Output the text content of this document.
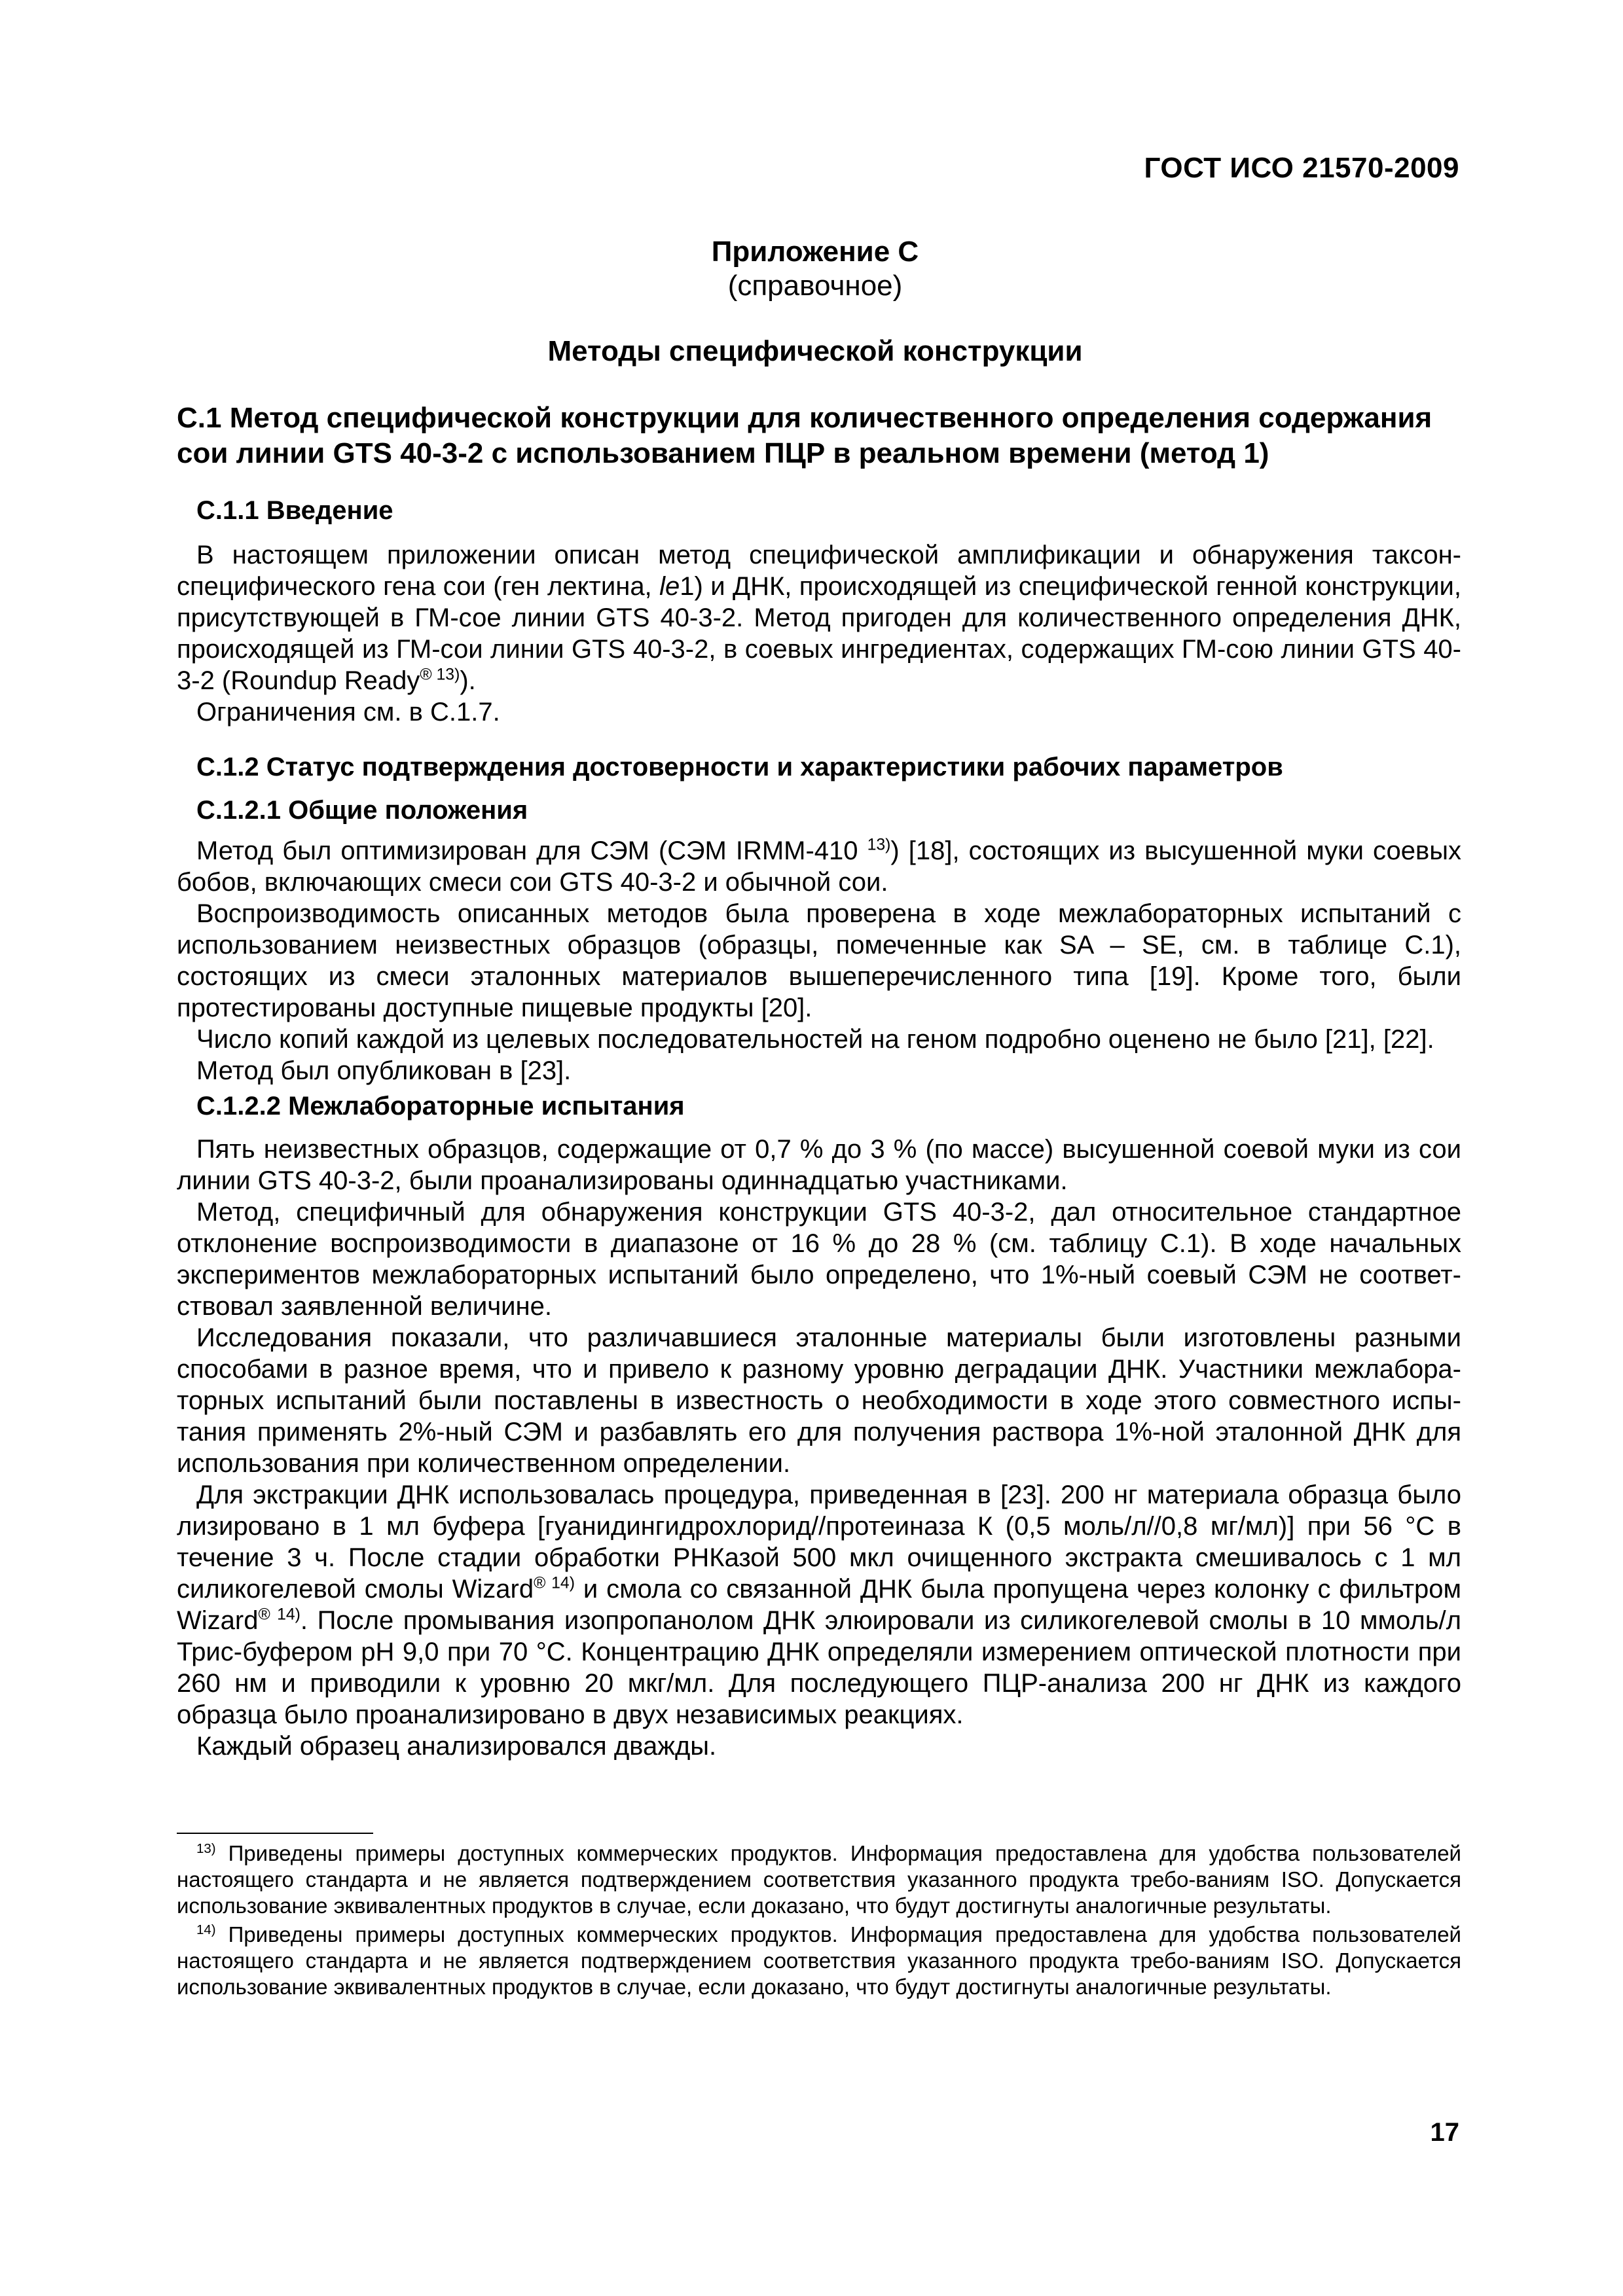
ГОСТ ИСО 21570-2009
Приложение С
(справочное)
Методы специфической конструкции
С.1 Метод специфической конструкции для количественного определения содержания сои линии GTS 40-3-2 с использованием ПЦР в реальном времени (метод 1)
С.1.1 Введение

В настоящем приложении описан метод специфической амплификации и обнаружения таксон-специфического гена сои (ген лектина, le1) и ДНК, происходящей из специфической генной конструкции, присутствующей в ГМ-сое линии GTS 40-3-2. Метод пригоден для количественного определения ДНК, происходящей из ГМ-сои линии GTS 40-3-2, в соевых ингредиентах, содержащих ГМ-сою линии GTS 40-3-2 (Roundup Ready$^{® 13)}$).

Ограничения см. в С.1.7.

С.1.2 Статус подтверждения достоверности и характеристики рабочих параметров
С.1.2.1 Общие положения

Метод был оптимизирован для СЭМ (СЭМ IRMM-410 $^{13)}$) [18], состоящих из высушенной муки соевых бобов, включающих смеси сои GTS 40-3-2 и обычной сои.

Воспроизводимость описанных методов была проверена в ходе межлабораторных испытаний с использованием неизвестных образцов (образцы, помеченные как SA – SE, см. в таблице С.1), состоящих из смеси эталонных материалов вышеперечисленного типа [19]. Кроме того, были протестированы доступные пищевые продукты [20].

Число копий каждой из целевых последовательностей на геном подробно оценено не было [21], [22].

Метод был опубликован в [23].

С.1.2.2 Межлабораторные испытания

Пять неизвестных образцов, содержащие от 0,7 % до 3 % (по массе) высушенной соевой муки из сои линии GTS 40-3-2, были проанализированы одиннадцатью участниками.

Метод, специфичный для обнаружения конструкции GTS 40-3-2, дал относительное стандартное отклонение воспроизводимости в диапазоне от 16 % до 28 % (см. таблицу С.1). В ходе начальных экспериментов межлабораторных испытаний было определено, что 1%-ный соевый СЭМ не соответ-ствовал заявленной величине.

Исследования показали, что различавшиеся эталонные материалы были изготовлены разными способами в разное время, что и привело к разному уровню деградации ДНК. Участники межлабора-торных испытаний были поставлены в известность о необходимости в ходе этого совместного испы-тания применять 2%-ный СЭМ и разбавлять его для получения раствора 1%-ной эталонной ДНК для использования при количественном определении.

Для экстракции ДНК использовалась процедура, приведенная в [23]. 200 нг материала образца было лизировано в 1 мл буфера [гуанидингидрохлорид//протеиназа К (0,5 моль/л//0,8 мг/мл)] при 56 °С в течение 3 ч. После стадии обработки РНКазой 500 мкл очищенного экстракта смешивалось с 1 мл силикогелевой смолы Wizard$^{® 14)}$ и смола со связанной ДНК была пропущена через колонку с фильтром Wizard$^{® 14)}$. После промывания изопропанолом ДНК элюировали из силикогелевой смолы в 10 ммоль/л Трис-буфером pH 9,0 при 70 °С. Концентрацию ДНК определяли измерением оптической плотности при 260 нм и приводили к уровню 20 мкг/мл. Для последующего ПЦР-анализа 200 нг ДНК из каждого образца было проанализировано в двух независимых реакциях.

Каждый образец анализировался дважды.

$^{13)}$ Приведены примеры доступных коммерческих продуктов. Информация предоставлена для удобства пользователей настоящего стандарта и не является подтверждением соответствия указанного продукта требо-ваниям ISO. Допускается использование эквивалентных продуктов в случае, если доказано, что будут достигнуты аналогичные результаты.

$^{14)}$ Приведены примеры доступных коммерческих продуктов. Информация предоставлена для удобства пользователей настоящего стандарта и не является подтверждением соответствия указанного продукта требо-ваниям ISO. Допускается использование эквивалентных продуктов в случае, если доказано, что будут достигнуты аналогичные результаты.

17
